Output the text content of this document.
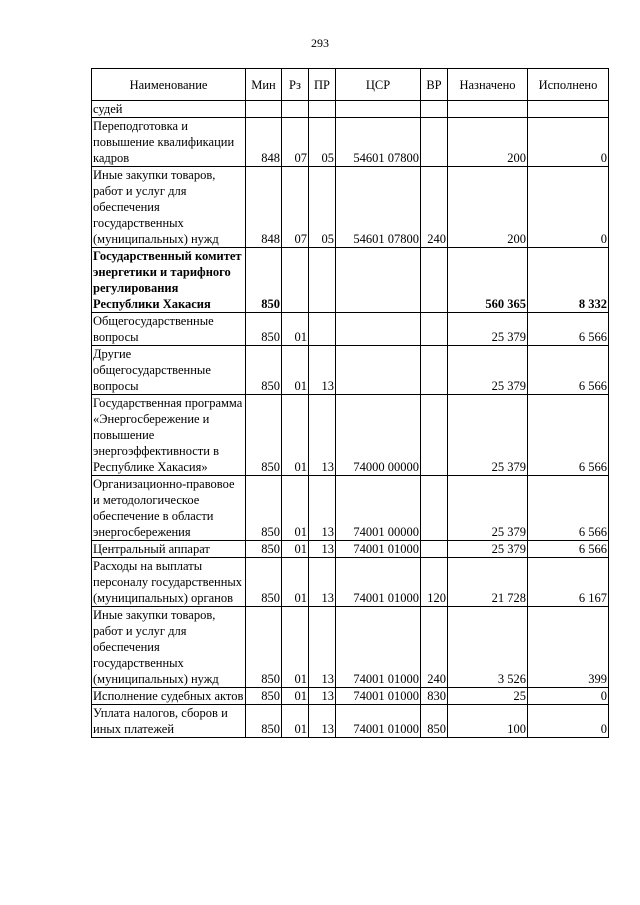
293
Наименование	Мин	Рз	ПР	ЦСР	ВР	Назначено	Исполнено
судей							
Переподготовка и повышение квалификации кадров	848	07	05	54601 07800		200	0
Иные закупки товаров, работ и услуг для обеспечения государственных (муниципальных) нужд	848	07	05	54601 07800	240	200	0
Государственный комитет энергетики и тарифного регулирования Республики Хакасия	850					560 365	8 332
Общегосударственные вопросы	850	01				25 379	6 566
Другие общегосударственные вопросы	850	01	13			25 379	6 566
Государственная программа «Энергосбережение и повышение энергоэффективности в Республике Хакасия»	850	01	13	74000 00000		25 379	6 566
Организационно-правовое и методологическое обеспечение в области энергосбережения	850	01	13	74001 00000		25 379	6 566
Центральный аппарат	850	01	13	74001 01000		25 379	6 566
Расходы на выплаты персоналу государственных (муниципальных) органов	850	01	13	74001 01000	120	21 728	6 167
Иные закупки товаров, работ и услуг для обеспечения государственных (муниципальных) нужд	850	01	13	74001 01000	240	3 526	399
Исполнение судебных актов	850	01	13	74001 01000	830	25	0
Уплата налогов, сборов и иных платежей	850	01	13	74001 01000	850	100	0
